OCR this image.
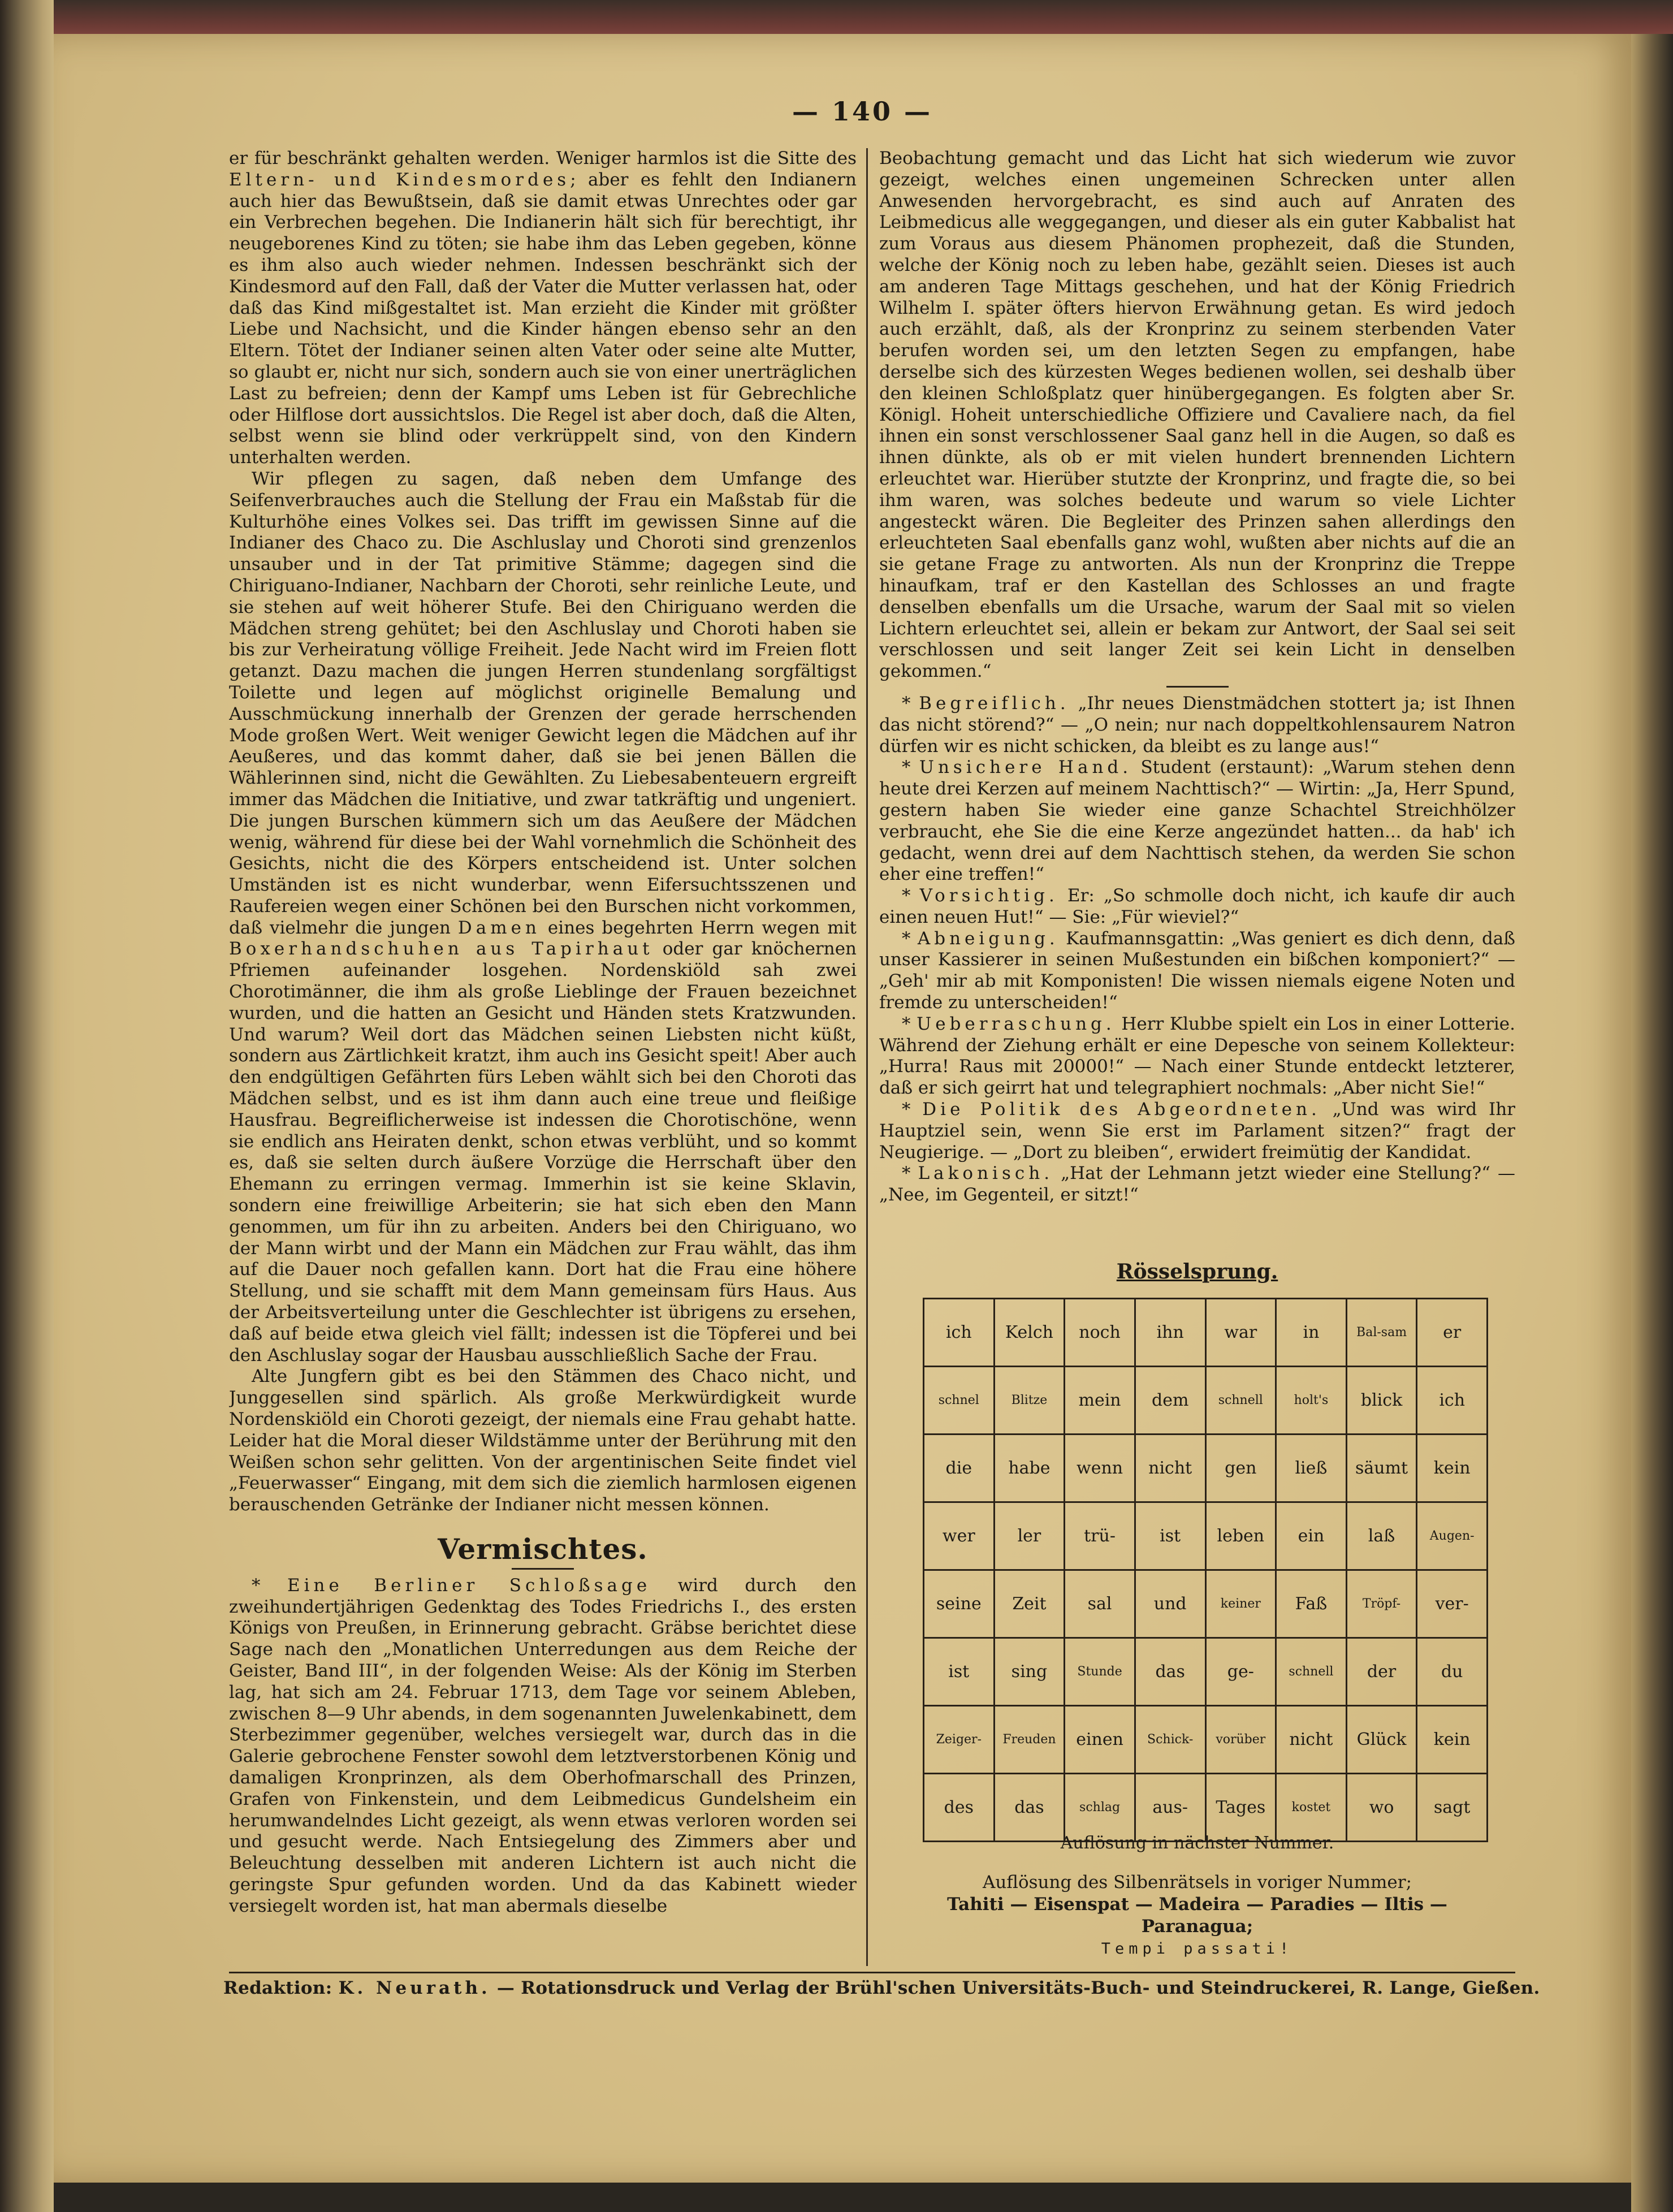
— 140 —

er für beschränkt gehalten werden. Weniger harmlos ist die Sitte des Eltern- und Kindesmordes; aber es fehlt den Indianern auch hier das Bewußtsein, daß sie damit etwas Unrechtes oder gar ein Verbrechen begehen. Die Indianerin hält sich für berechtigt, ihr neugeborenes Kind zu töten; sie habe ihm das Leben gegeben, könne es ihm also auch wieder nehmen. Indessen beschränkt sich der Kindesmord auf den Fall, daß der Vater die Mutter verlassen hat, oder daß das Kind mißgestaltet ist. Man erzieht die Kinder mit größter Liebe und Nachsicht, und die Kinder hängen ebenso sehr an den Eltern. Tötet der Indianer seinen alten Vater oder seine alte Mutter, so glaubt er, nicht nur sich, sondern auch sie von einer unerträglichen Last zu befreien; denn der Kampf ums Leben ist für Gebrechliche oder Hilflose dort aussichtslos. Die Regel ist aber doch, daß die Alten, selbst wenn sie blind oder verkrüppelt sind, von den Kindern unterhalten werden.

Wir pflegen zu sagen, daß neben dem Umfange des Seifenverbrauches auch die Stellung der Frau ein Maßstab für die Kulturhöhe eines Volkes sei. Das trifft im gewissen Sinne auf die Indianer des Chaco zu. Die Aschluslay und Choroti sind grenzenlos unsauber und in der Tat primitive Stämme; dagegen sind die Chiriguano-Indianer, Nachbarn der Choroti, sehr reinliche Leute, und sie stehen auf weit höherer Stufe. Bei den Chiriguano werden die Mädchen streng gehütet; bei den Aschluslay und Choroti haben sie bis zur Verheiratung völlige Freiheit. Jede Nacht wird im Freien flott getanzt. Dazu machen die jungen Herren stundenlang sorgfältigst Toilette und legen auf möglichst originelle Bemalung und Ausschmückung innerhalb der Grenzen der gerade herrschenden Mode großen Wert. Weit weniger Gewicht legen die Mädchen auf ihr Aeußeres, und das kommt daher, daß sie bei jenen Bällen die Wählerinnen sind, nicht die Gewählten. Zu Liebesabenteuern ergreift immer das Mädchen die Initiative, und zwar tatkräftig und ungeniert. Die jungen Burschen kümmern sich um das Aeußere der Mädchen wenig, während für diese bei der Wahl vornehmlich die Schönheit des Gesichts, nicht die des Körpers entscheidend ist. Unter solchen Umständen ist es nicht wunderbar, wenn Eifersuchtsszenen und Raufereien wegen einer Schönen bei den Burschen nicht vorkommen, daß vielmehr die jungen Damen eines begehrten Herrn wegen mit Boxerhandschuhen aus Tapirhaut oder gar knöchernen Pfriemen aufeinander losgehen. Nordenskiöld sah zwei Chorotimänner, die ihm als große Lieblinge der Frauen bezeichnet wurden, und die hatten an Gesicht und Händen stets Kratzwunden. Und warum? Weil dort das Mädchen seinen Liebsten nicht küßt, sondern aus Zärtlichkeit kratzt, ihm auch ins Gesicht speit! Aber auch den endgültigen Gefährten fürs Leben wählt sich bei den Choroti das Mädchen selbst, und es ist ihm dann auch eine treue und fleißige Hausfrau. Begreiflicherweise ist indessen die Chorotischöne, wenn sie endlich ans Heiraten denkt, schon etwas verblüht, und so kommt es, daß sie selten durch äußere Vorzüge die Herrschaft über den Ehemann zu erringen vermag. Immerhin ist sie keine Sklavin, sondern eine freiwillige Arbeiterin; sie hat sich eben den Mann genommen, um für ihn zu arbeiten. Anders bei den Chiriguano, wo der Mann wirbt und der Mann ein Mädchen zur Frau wählt, das ihm auf die Dauer noch gefallen kann. Dort hat die Frau eine höhere Stellung, und sie schafft mit dem Mann gemeinsam fürs Haus. Aus der Arbeitsverteilung unter die Geschlechter ist übrigens zu ersehen, daß auf beide etwa gleich viel fällt; indessen ist die Töpferei und bei den Aschluslay sogar der Hausbau ausschließlich Sache der Frau.

Alte Jungfern gibt es bei den Stämmen des Chaco nicht, und Junggesellen sind spärlich. Als große Merkwürdigkeit wurde Nordenskiöld ein Choroti gezeigt, der niemals eine Frau gehabt hatte. Leider hat die Moral dieser Wildstämme unter der Berührung mit den Weißen schon sehr gelitten. Von der argentinischen Seite findet viel „Feuerwasser“ Eingang, mit dem sich die ziemlich harmlosen eigenen berauschenden Getränke der Indianer nicht messen können.

Vermischtes.

* Eine Berliner Schloßsage wird durch den zweihundertjährigen Gedenktag des Todes Friedrichs I., des ersten Königs von Preußen, in Erinnerung gebracht. Gräbse berichtet diese Sage nach den „Monatlichen Unterredungen aus dem Reiche der Geister, Band III“, in der folgenden Weise: Als der König im Sterben lag, hat sich am 24. Februar 1713, dem Tage vor seinem Ableben, zwischen 8—9 Uhr abends, in dem sogenannten Juwelenkabinett, dem Sterbezimmer gegenüber, welches versiegelt war, durch das in die Galerie gebrochene Fenster sowohl dem letztverstorbenen König und damaligen Kronprinzen, als dem Oberhofmarschall des Prinzen, Grafen von Finkenstein, und dem Leibmedicus Gundelsheim ein herumwandelndes Licht gezeigt, als wenn etwas verloren worden sei und gesucht werde. Nach Entsiegelung des Zimmers aber und Beleuchtung desselben mit anderen Lichtern ist auch nicht die geringste Spur gefunden worden. Und da das Kabinett wieder versiegelt worden ist, hat man abermals dieselbe

Beobachtung gemacht und das Licht hat sich wiederum wie zuvor gezeigt, welches einen ungemeinen Schrecken unter allen Anwesenden hervorgebracht, es sind auch auf Anraten des Leibmedicus alle weggegangen, und dieser als ein guter Kabbalist hat zum Voraus aus diesem Phänomen prophezeit, daß die Stunden, welche der König noch zu leben habe, gezählt seien. Dieses ist auch am anderen Tage Mittags geschehen, und hat der König Friedrich Wilhelm I. später öfters hiervon Erwähnung getan. Es wird jedoch auch erzählt, daß, als der Kronprinz zu seinem sterbenden Vater berufen worden sei, um den letzten Segen zu empfangen, habe derselbe sich des kürzesten Weges bedienen wollen, sei deshalb über den kleinen Schloßplatz quer hinübergegangen. Es folgten aber Sr. Königl. Hoheit unterschiedliche Offiziere und Cavaliere nach, da fiel ihnen ein sonst verschlossener Saal ganz hell in die Augen, so daß es ihnen dünkte, als ob er mit vielen hundert brennenden Lichtern erleuchtet war. Hierüber stutzte der Kronprinz, und fragte die, so bei ihm waren, was solches bedeute und warum so viele Lichter angesteckt wären. Die Begleiter des Prinzen sahen allerdings den erleuchteten Saal ebenfalls ganz wohl, wußten aber nichts auf die an sie getane Frage zu antworten. Als nun der Kronprinz die Treppe hinaufkam, traf er den Kastellan des Schlosses an und fragte denselben ebenfalls um die Ursache, warum der Saal mit so vielen Lichtern erleuchtet sei, allein er bekam zur Antwort, der Saal sei seit verschlossen und seit langer Zeit sei kein Licht in denselben gekommen.“

* Begreiflich. „Ihr neues Dienstmädchen stottert ja; ist Ihnen das nicht störend?“ — „O nein; nur nach doppeltkohlensaurem Natron dürfen wir es nicht schicken, da bleibt es zu lange aus!“

* Unsichere Hand. Student (erstaunt): „Warum stehen denn heute drei Kerzen auf meinem Nachttisch?“ — Wirtin: „Ja, Herr Spund, gestern haben Sie wieder eine ganze Schachtel Streichhölzer verbraucht, ehe Sie die eine Kerze angezündet hatten... da hab' ich gedacht, wenn drei auf dem Nachttisch stehen, da werden Sie schon eher eine treffen!“

* Vorsichtig. Er: „So schmolle doch nicht, ich kaufe dir auch einen neuen Hut!“ — Sie: „Für wieviel?“

* Abneigung. Kaufmannsgattin: „Was geniert es dich denn, daß unser Kassierer in seinen Mußestunden ein bißchen komponiert?“ — „Geh' mir ab mit Komponisten! Die wissen niemals eigene Noten und fremde zu unterscheiden!“

* Ueberraschung. Herr Klubbe spielt ein Los in einer Lotterie. Während der Ziehung erhält er eine Depesche von seinem Kollekteur: „Hurra! Raus mit 20000!“ — Nach einer Stunde entdeckt letzterer, daß er sich geirrt hat und telegraphiert nochmals: „Aber nicht Sie!“

* Die Politik des Abgeordneten. „Und was wird Ihr Hauptziel sein, wenn Sie erst im Parlament sitzen?“ fragt der Neugierige. — „Dort zu bleiben“, erwidert freimütig der Kandidat.

* Lakonisch. „Hat der Lehmann jetzt wieder eine Stellung?“ — „Nee, im Gegenteil, er sitzt!“

Rösselsprung.
ich	Kelch	noch	ihn	war	in	Bal-sam	er
schnel	Blitze	mein	dem	schnell	holt's	blick	ich
die	habe	wenn	nicht	gen	ließ	säumt	kein
wer	ler	trü-	ist	leben	ein	laß	Augen-
seine	Zeit	sal	und	keiner	Faß	Tröpf-	ver-
ist	sing	Stunde	das	ge-	schnell	der	du
Zeiger-	Freuden	einen	Schick-	vorüber	nicht	Glück	kein
des	das	schlag	aus-	Tages	kostet	wo	sagt
Auflösung in nächster Nummer.
Auflösung des Silbenrätsels in voriger Nummer;
Tahiti — Eisenspat — Madeira — Paradies — Iltis —
Paranagua;
Tempi passati!
Redaktion: K. Neurath. — Rotationsdruck und Verlag der Brühl'schen Universitäts-Buch- und Steindruckerei, R. Lange, Gießen.
